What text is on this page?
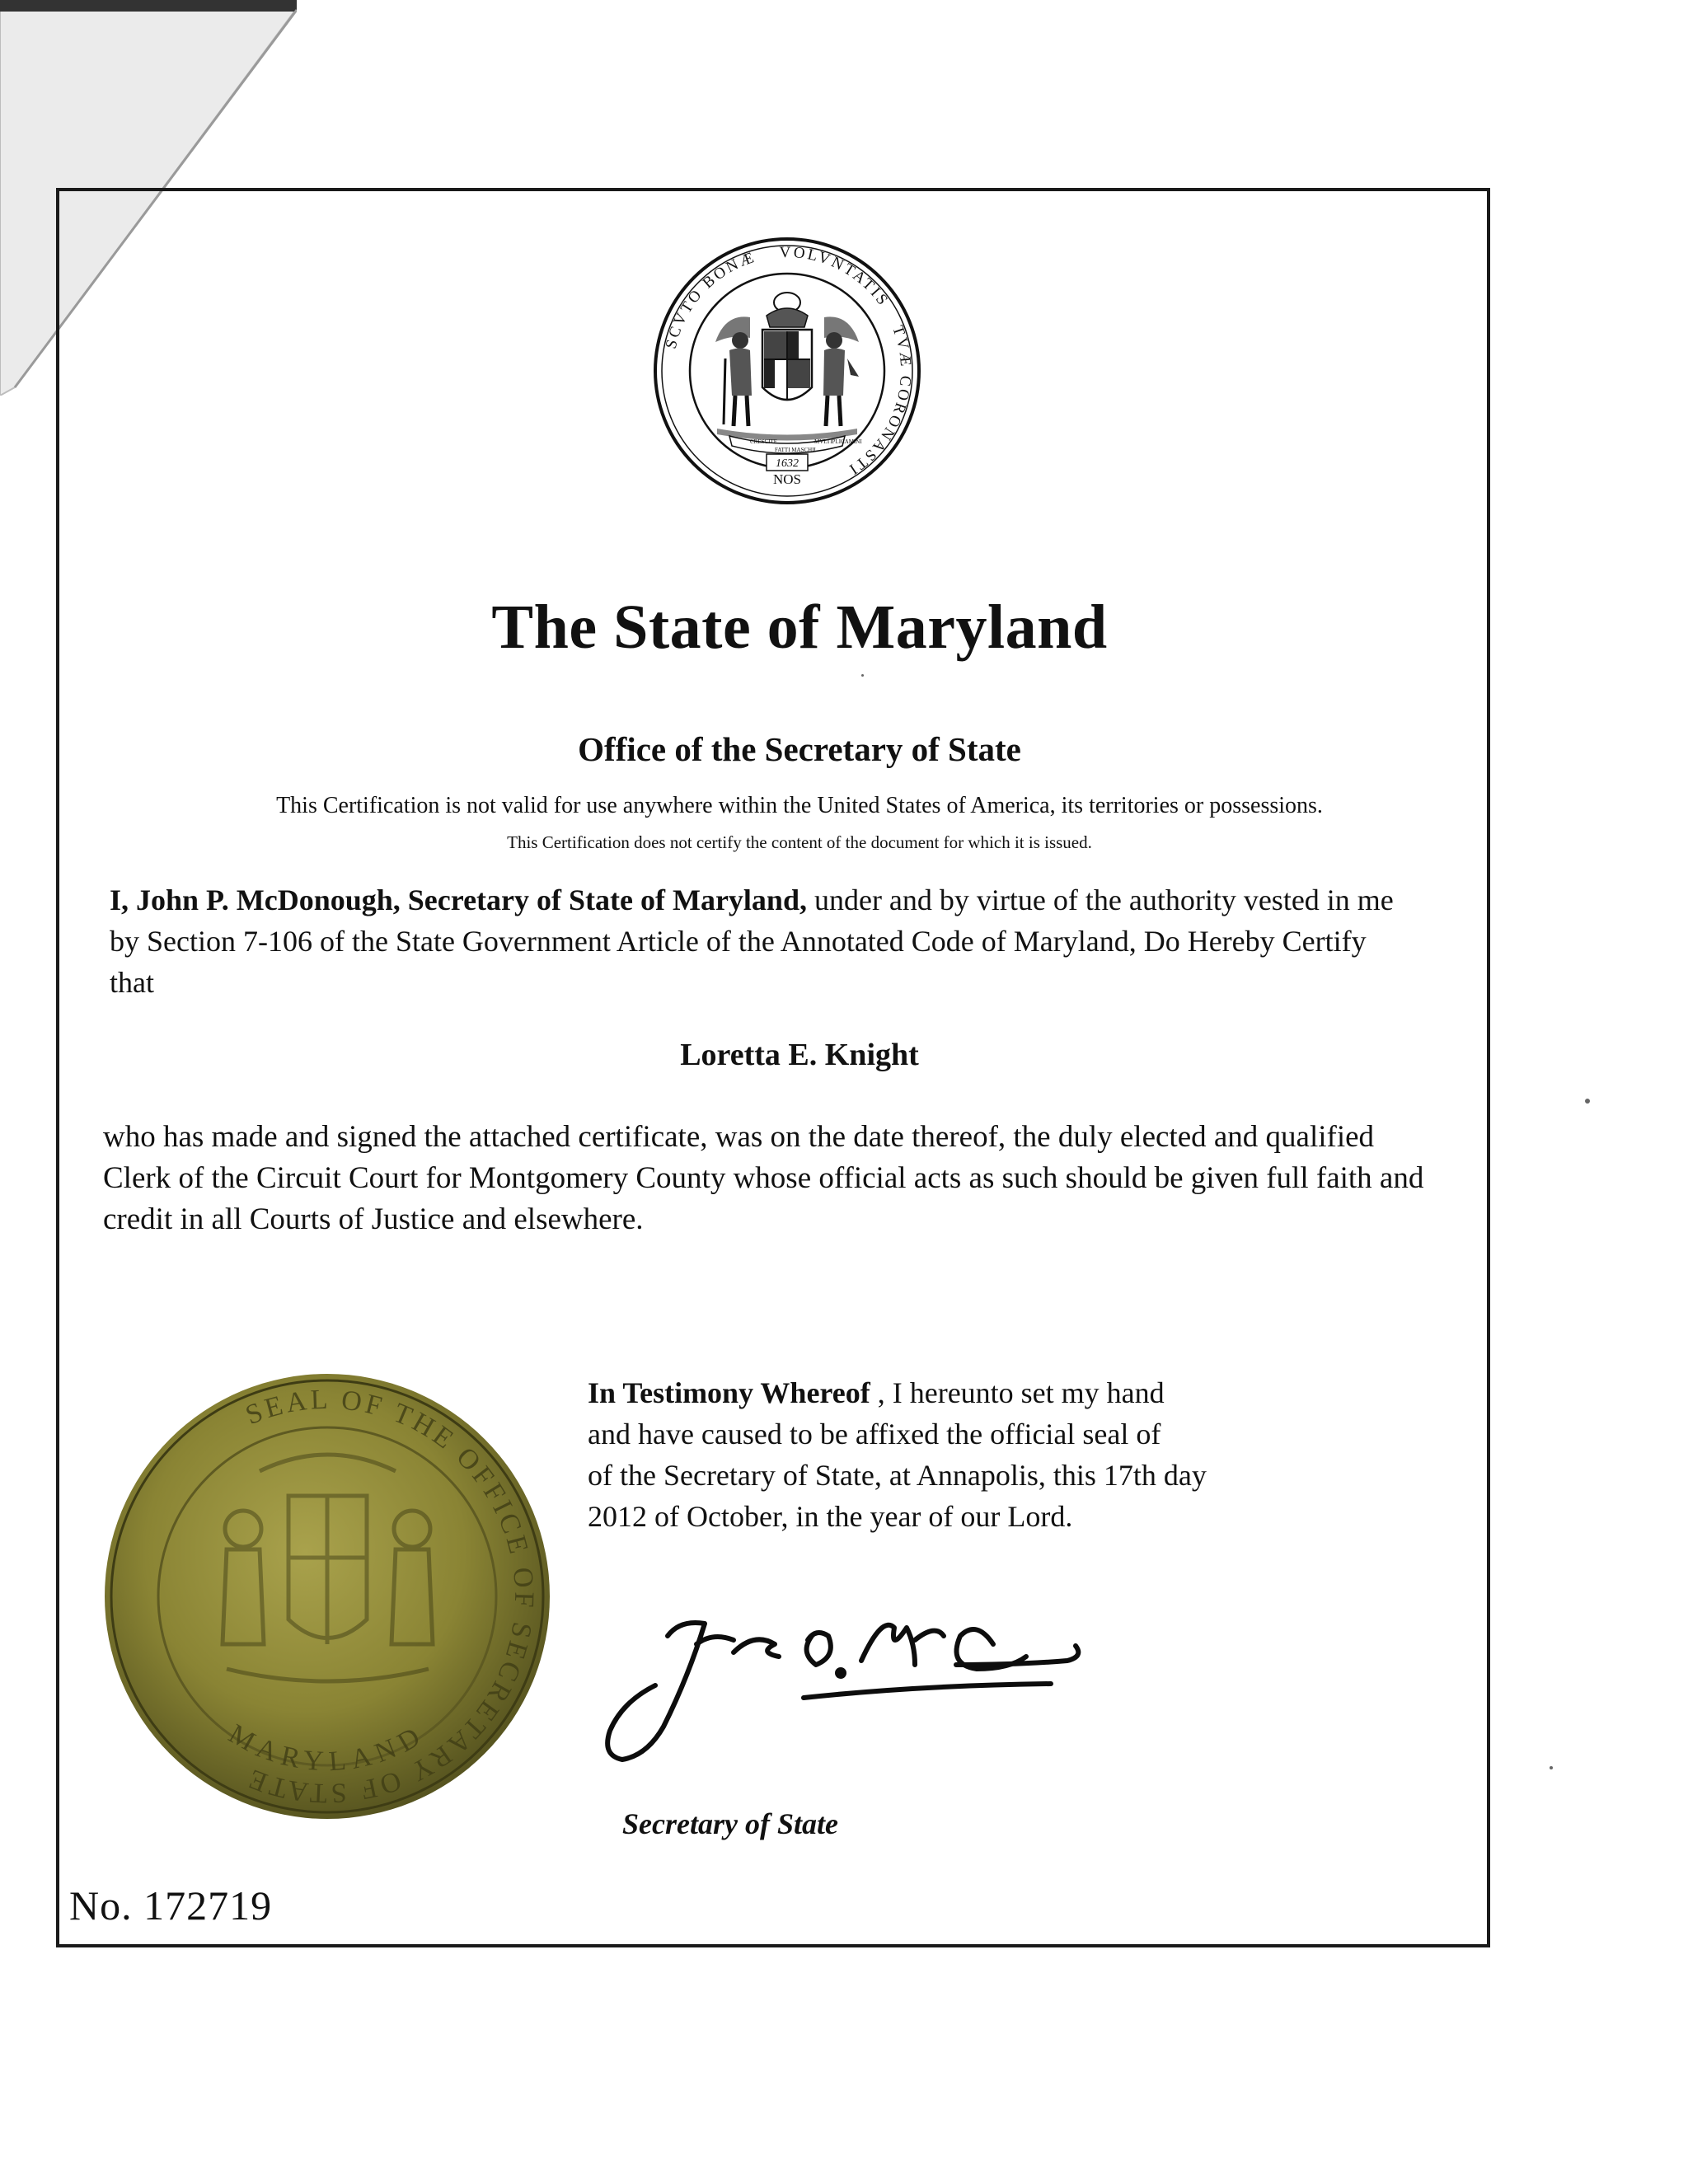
SCVTO BONÆ VOLVNTATIS TVÆ CORONASTI
NOS
CRESCITE
FATTI MASCHII
MVLTIPLICAMINI
1632
The State of Maryland
Office of the Secretary of State
This Certification is not valid for use anywhere within the United States of America, its territories or possessions.
This Certification does not certify the content of the document for which it is issued.
I, John P. McDonough, Secretary of State of Maryland, under and by virtue of the authority vested in me by Section 7-106 of the State Government Article of the Annotated Code of Maryland, Do Hereby Certify that
Loretta E. Knight
who has made and signed the attached certificate, was on the date thereof, the duly elected and qualified Clerk of the Circuit Court for Montgomery County whose official acts as such should be given full faith and credit in all Courts of Justice and elsewhere.
SEAL OF THE OFFICE OF SECRETARY OF STATE
MARYLAND
In Testimony Whereof , I hereunto set my hand
and have caused to be affixed the official seal of
of the Secretary of State, at Annapolis, this 17th day
2012 of October, in the year of our Lord.
Secretary of State
No. 172719
